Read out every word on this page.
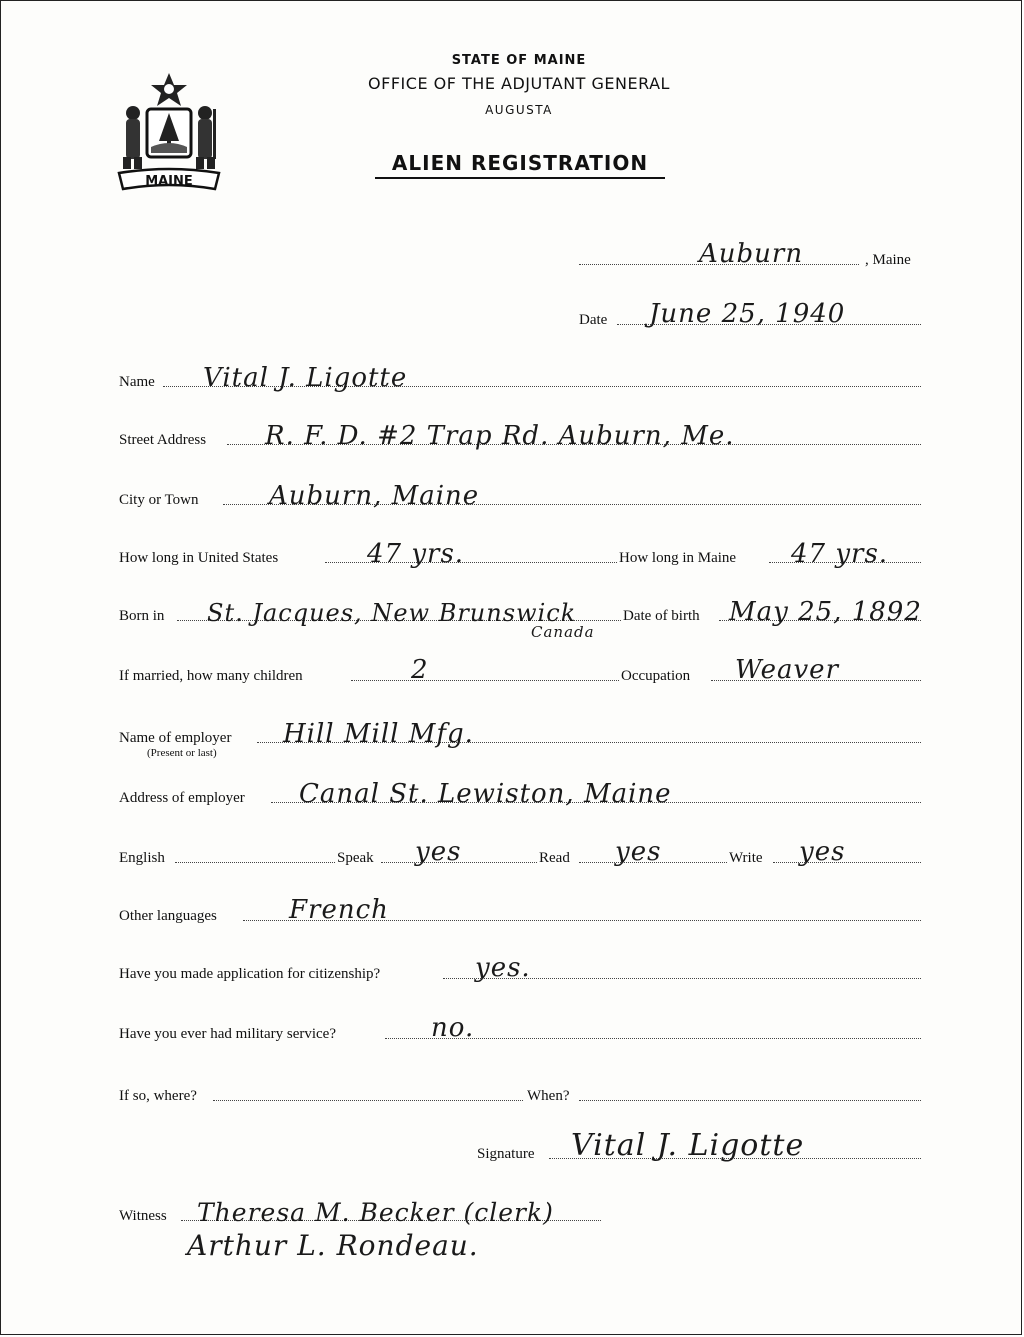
MAINE
STATE OF MAINE
OFFICE OF THE ADJUTANT GENERAL
AUGUSTA
ALIEN REGISTRATION
Auburn	, Maine
Date June 25, 1940
Name Vital J. Ligotte
Street Address R. F. D. #2 Trap Rd. Auburn, Me.
City or Town	Auburn, Maine
How long in United States	47 yrs.	How long in Maine 47 yrs.
Born in St. Jacques, New Brunswick	Date of birth May 25, 1892
Canada
If married, how many children	2	Occupation Weaver
Name of employer Hill Mill Mfg.
(Present or last)
Address of employer Canal St. Lewiston, Maine
English	Speak yes	Read yes	Write yes
Other languages	French
Have you made application for citizenship?	yes.
Have you ever had military service?	no.
If so, where?	When?
Signature Vital J. Ligotte
Witness Theresa M. Becker (clerk)
Arthur L. Rondeau.
